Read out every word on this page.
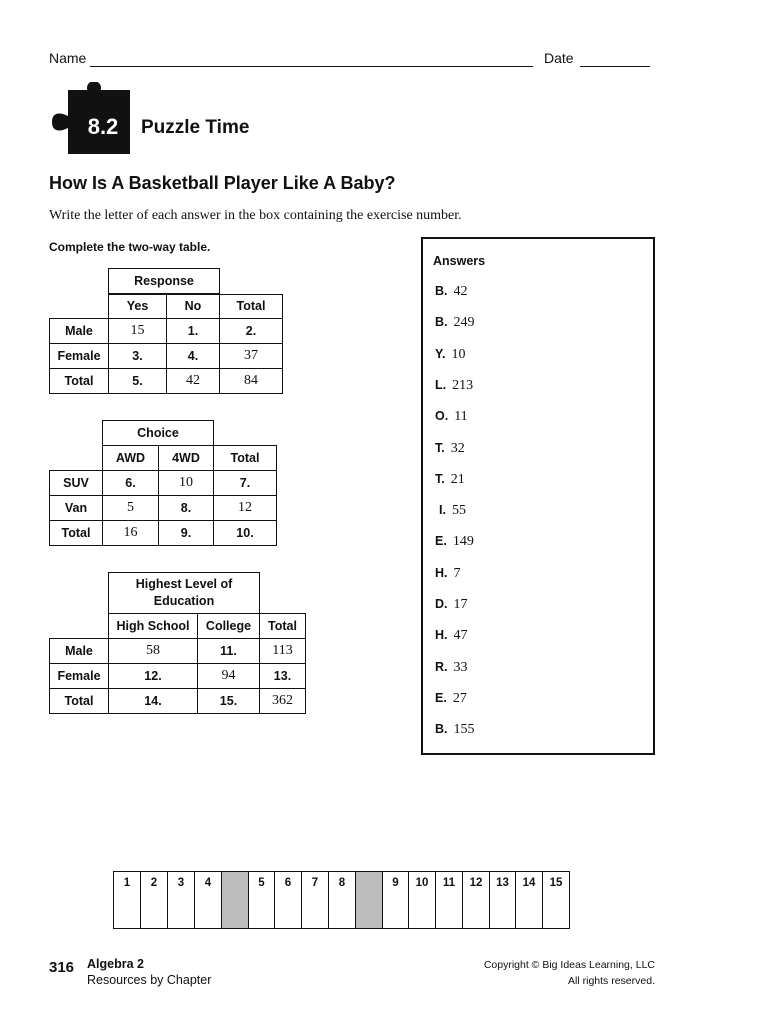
Name	Date
8.2	Puzzle Time
How Is A Basketball Player Like A Baby?
Write the letter of each answer in the box containing the exercise number.
Complete the two-way table.
Response
Yes	No	Total
Male	15	1.	2.
Female	3.	4.	37
Total	5.	42	84
Choice
AWD	4WD	Total
SUV	6.	10	7.
Van	5	8.	12
Total	16	9.	10.
Highest Level of Education
High School	College	Total
Male	58	11.	113
Female	12.	94	13.
Total	14.	15.	362
Answers
B. 42
B. 249
Y. 10
L. 213
O. 11
T. 32
T. 21
I. 55
E. 149
H. 7
D. 17
H. 47
R. 33
E. 27
B. 155
1	2	3	4	5	6	7	8	9	10	11	12	13	14	15
316 Algebra 2
Resources by Chapter
Copyright © Big Ideas Learning, LLC
All rights reserved.
